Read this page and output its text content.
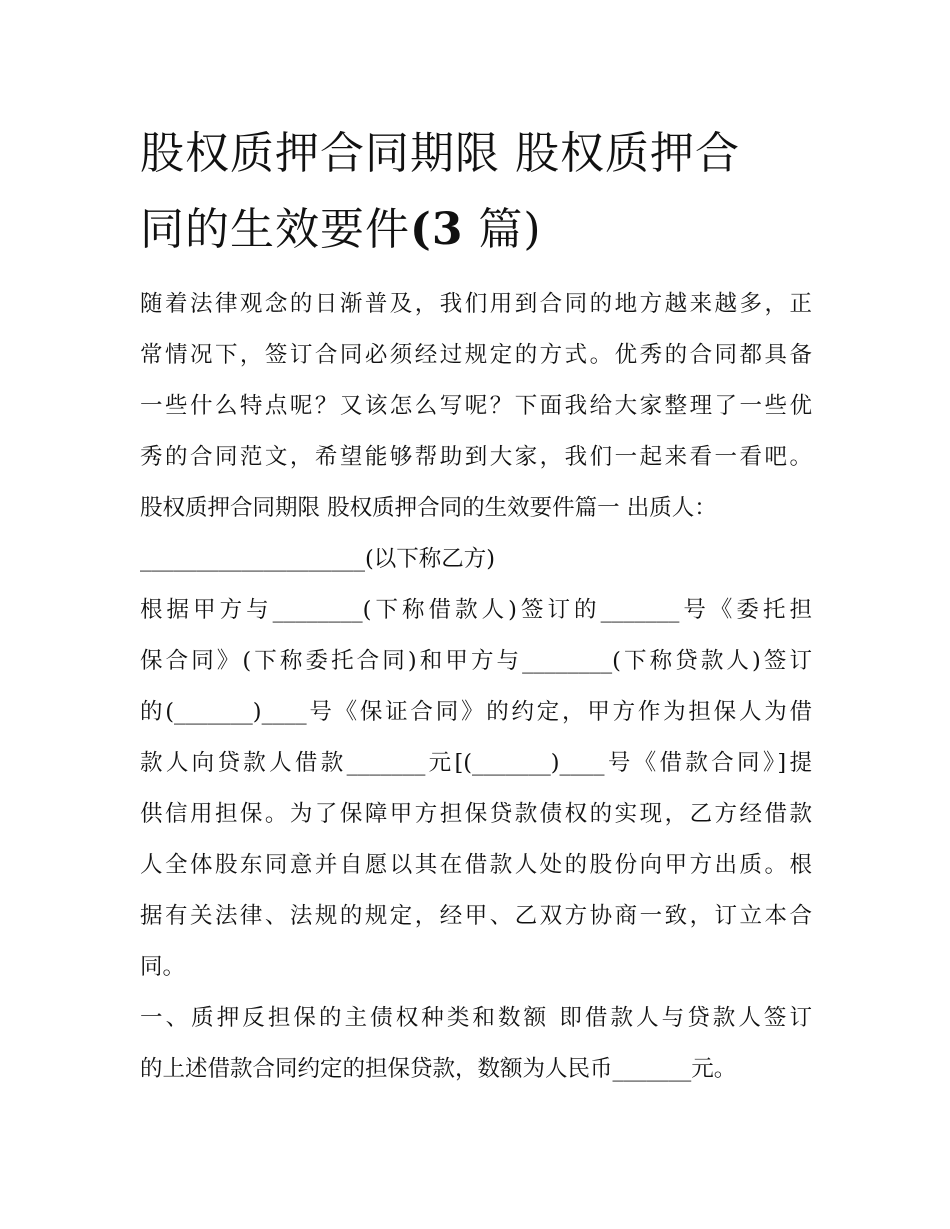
股权质押合同期限 股权质押合
同的生效要件(3 篇)
随着法律观念的日渐普及，我们用到合同的地方越来越多，正
常情况下，签订合同必须经过规定的方式。优秀的合同都具备
一些什么特点呢？又该怎么写呢？下面我给大家整理了一些优
秀的合同范文，希望能够帮助到大家，我们一起来看一看吧。
股权质押合同期限 股权质押合同的生效要件篇一 出质人：
____________________(以下称乙方)
根据甲方与________(下称借款人)签订的_______号《委托担
保合同》(下称委托合同)和甲方与________(下称贷款人)签订
的(_______)____号《保证合同》的约定，甲方作为担保人为借
款人向贷款人借款_______元[(_______)____号《借款合同》]提
供信用担保。为了保障甲方担保贷款债权的实现，乙方经借款
人全体股东同意并自愿以其在借款人处的股份向甲方出质。根
据有关法律、法规的规定，经甲、乙双方协商一致，订立本合
同。
一、质押反担保的主债权种类和数额 即借款人与贷款人签订
的上述借款合同约定的担保贷款，数额为人民币_______元。
